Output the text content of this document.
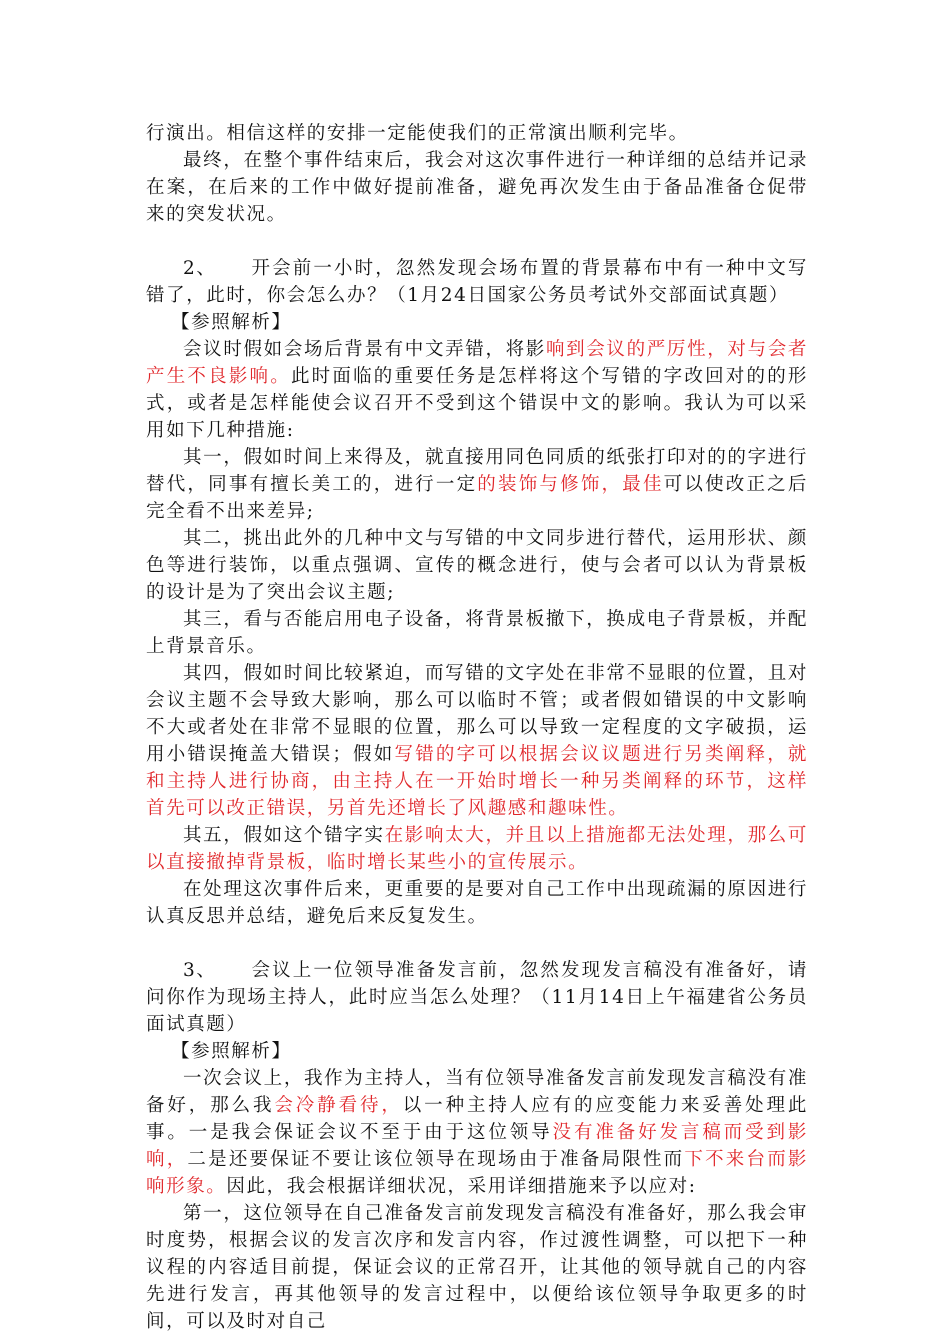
行演出。相信这样的安排一定能使我们的正常演出顺利完毕。

最终，在整个事件结束后，我会对这次事件进行一种详细的总结并记录在案，在后来的工作中做好提前准备，避免再次发生由于备品准备仓促带来的突发状况。

2、 开会前一小时，忽然发现会场布置的背景幕布中有一种中文写错了，此时，你会怎么办？（1月24日国家公务员考试外交部面试真题）

【参照解析】

会议时假如会场后背景有中文弄错，将影响到会议的严厉性，对与会者产生不良影响。此时面临的重要任务是怎样将这个写错的字改回对的的形式，或者是怎样能使会议召开不受到这个错误中文的影响。我认为可以采用如下几种措施:

其一，假如时间上来得及，就直接用同色同质的纸张打印对的的字进行替代，同事有擅长美工的，进行一定的装饰与修饰，最佳可以使改正之后完全看不出来差异;

其二，挑出此外的几种中文与写错的中文同步进行替代，运用形状、颜色等进行装饰，以重点强调、宣传的概念进行，使与会者可以认为背景板的设计是为了突出会议主题;

其三，看与否能启用电子设备，将背景板撤下，换成电子背景板，并配上背景音乐。

其四，假如时间比较紧迫，而写错的文字处在非常不显眼的位置，且对会议主题不会导致大影响，那么可以临时不管；或者假如错误的中文影响不大或者处在非常不显眼的位置，那么可以导致一定程度的文字破损，运用小错误掩盖大错误；假如写错的字可以根据会议议题进行另类阐释，就和主持人进行协商，由主持人在一开始时增长一种另类阐释的环节，这样首先可以改正错误，另首先还增长了风趣感和趣味性。

其五，假如这个错字实在影响太大，并且以上措施都无法处理，那么可以直接撤掉背景板，临时增长某些小的宣传展示。

在处理这次事件后来，更重要的是要对自己工作中出现疏漏的原因进行认真反思并总结，避免后来反复发生。

3、 会议上一位领导准备发言前，忽然发现发言稿没有准备好，请问你作为现场主持人，此时应当怎么处理？（11月14日上午福建省公务员面试真题）

【参照解析】

一次会议上，我作为主持人，当有位领导准备发言前发现发言稿没有准备好，那么我会冷静看待，以一种主持人应有的应变能力来妥善处理此事。一是我会保证会议不至于由于这位领导没有准备好发言稿而受到影响，二是还要保证不要让该位领导在现场由于准备局限性而下不来台而影响形象。因此，我会根据详细状况，采用详细措施来予以应对:

第一，这位领导在自己准备发言前发现发言稿没有准备好，那么我会审时度势，根据会议的发言次序和发言内容，作过渡性调整，可以把下一种议程的内容适目前提，保证会议的正常召开，让其他的领导就自己的内容先进行发言，再其他领导的发言过程中，以便给该位领导争取更多的时间，可以及时对自己
